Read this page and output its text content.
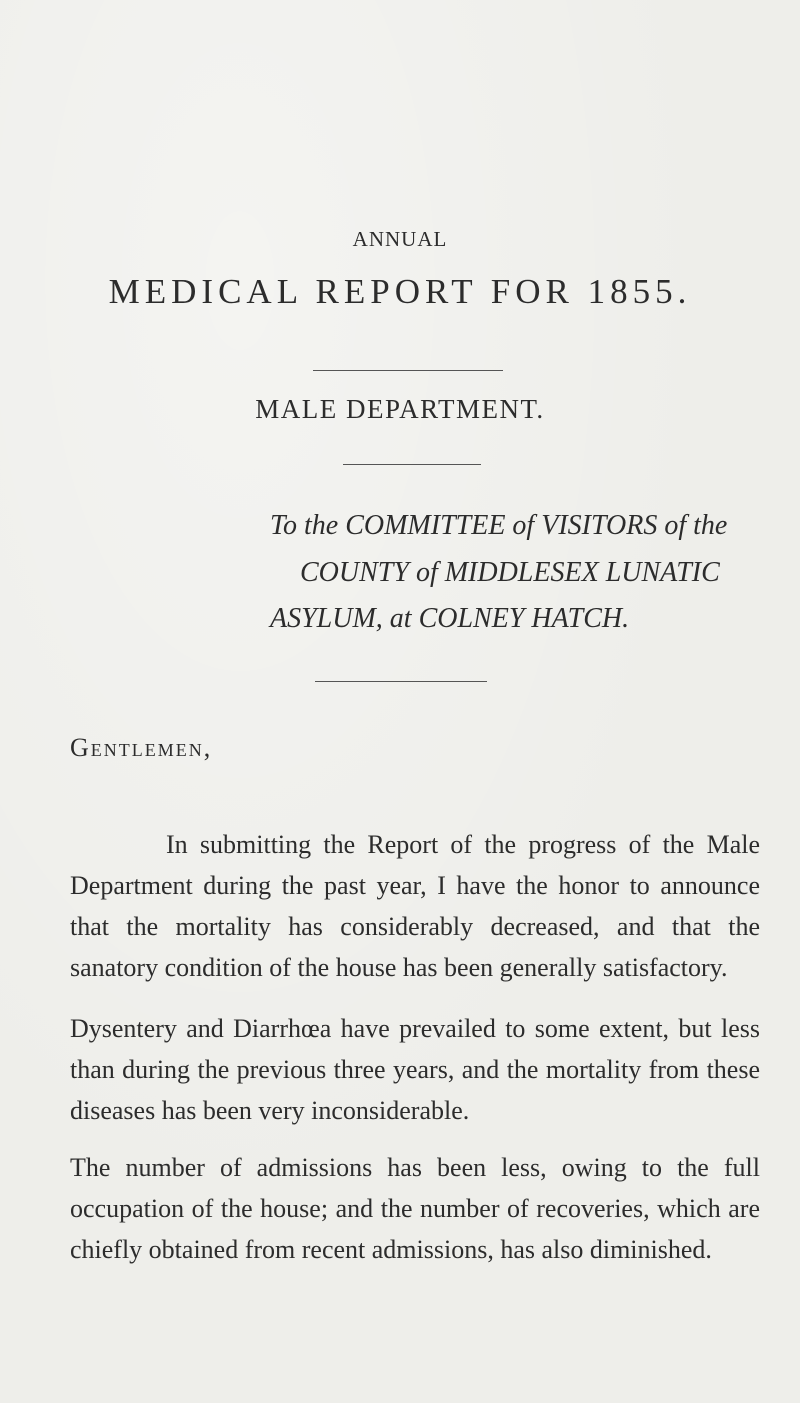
ANNUAL
MEDICAL REPORT FOR 1855.
MALE DEPARTMENT.
To the COMMITTEE of VISITORS of the
COUNTY of MIDDLESEX LUNATIC
ASYLUM, at COLNEY HATCH.
Gentlemen,

In submitting the Report of the progress of the Male Department during the past year, I have the honor to announce that the mortality has considerably decreased, and that the sanatory condition of the house has been generally satisfactory.

Dysentery and Diarrhœa have prevailed to some extent, but less than during the previous three years, and the mortality from these diseases has been very inconsiderable.

The number of admissions has been less, owing to the full occupation of the house; and the number of recoveries, which are chiefly obtained from recent admissions, has also diminished.
